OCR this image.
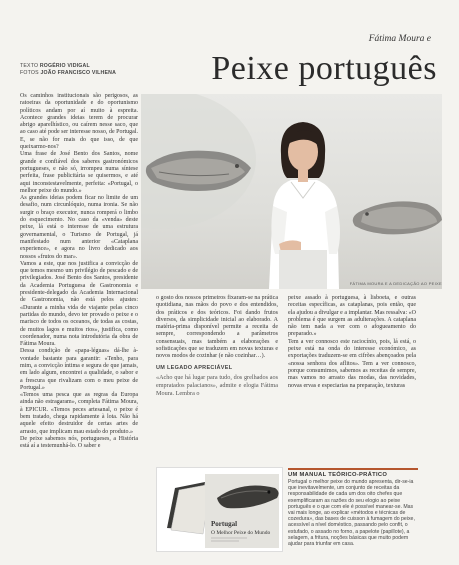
Fátima Moura e
Peixe português
TEXTO ROGÉRIO VIDIGAL
FOTOS JOÃO FRANCISCO VILHENA

Os caminhos institucionais são perigosos, as ratoeiras da oportunidade e do oportunismo políticos andam por aí muito à espreita. Acontece grandes ideias terem de procurar abrigo aparelhístico, ou caírem nesse saco, que ao caso até pode ser interesse nosso, de Portugal. E, se não for mais do que isso, de que queixarmo-nos?

Uma frase de José Bento dos Santos, nome grande e confiável dos saberes gastronómicos portugueses, e não só, irrompeu numa síntese perfeita, frase publicitária se quisermos, e até aqui inconstestavelmente, perfeita: «Portugal, o melhor peixe do mundo.»

As grandes ideias podem ficar no limite de um desafio, num circunlóquio, numa ironia. Se não surgir o braço executor, nunca romperá o limbo do esquecimento. No caso da «venda» deste peixe, lá está o interesse de uma estrutura governamental, o Turismo de Portugal, já manifestado num anterior «Cataplana experience», e agora no livro dedicado aos nossos «frutos do mar».

Vamos a este, que nos justifica a convicção de que temos mesmo um privilégio de pescado e de privilegiados. José Bento dos Santos, presidente da Academia Portuguesa de Gastronomia e presidente-delegado da Academia Internacional de Gastronomia, não está pelos ajustes: «Durante a minha vida de viajante pelas cinco partidas do mundo, devo ter provado o peixe e o marisco de todos os oceanos, de todas as costas, de muitos lagos e muitos rios», justifica, como coordenador, numa nota introdutória da obra de Fátima Moura.

Dessa condição de «papa-léguas» dá-lhe à-vontade bastante para garantir: «Tenho, para mim, a convicção íntima e segura de que jamais, em lado algum, encontrei a qualidade, o sabor e a frescura que rivalizam com o meu peixe de Portugal.»

«Temos uma pesca que as regras da Europa ainda não estragaram», completa Fátima Moura, à EPICUR. «Temos peces artesanal, o peixe é bem tratado, chega rapidamente à lota. Não há aquele efeito destruidor de certas artes de arrasto, que implicam mau estado do produto.»

De peixe sabemos nós, portugueses, a História está aí a testemunhá-lo. O saber e

FÁTIMA MOURA E A DEDICAÇÃO AO PEIXE

o gosto dos nossos primeiros fixaram-se na prática quotidiana, nas mãos do povo e dos entendidos, dos práticos e dos teóricos. Foi dando frutos diversos, da simplicidade inicial ao elaborado. A matéria-prima disponível permite a receita de sempre, correspondendo a parâmetros consensuais, mas também a elaborações e sofisticações que se traduzem em novas texturas e novos modos de cozinhar (e não cozinhar…).

UM LEGADO APRECIÁVEL

«Acho que há lugar para tudo, dos grelhados aos empratados palacianos», admite e elogia Fátima Moura. Lembra o

peixe assado à portuguesa, à lisboeta, e outras receitas específicas, as cataplanas, pois então, que ela ajudou a divulgar e a implantar. Mas ressalva: «O problema é que surgem as adulterações. A cataplana não tem nada a ver com o afogueamento do preparado.»

Tem a ver connosco este raciocínio, pois, lá está, o peixe está na onda do interesse económico, as exportações traduzem-se em cifrões abençoados pela «nossa senhora dos aflitos». Tem a ver connosco, porque consumimos, sabemos as receitas de sempre, mas vamos no arrasto das modas, das novidades, novas ervas e especiarias na preparação, texturas

Portugal
O Melhor Peixe do Mundo
UM MANUAL TEÓRICO-PRÁTICO
Portugal o melhor peixe do mundo apresenta, dir-se-ia que inevitavelmente, um conjunto de receitas da responsabilidade de cada um dos oito chefes que exemplificaram as razões do seu elogio ao peixe português e o que com ele é possível manear-se. Mas vai mais longe, ao explicar «métodos e técnicas de cozedura», das bases de cuisson à fumagem do peixe, acessível a nível doméstico, passando pelo confit, o estufado, o assado no forno, a papelote (papillote), a selagem, a fritura, noções básicas que muito podem ajudar para triunfar em casa.
